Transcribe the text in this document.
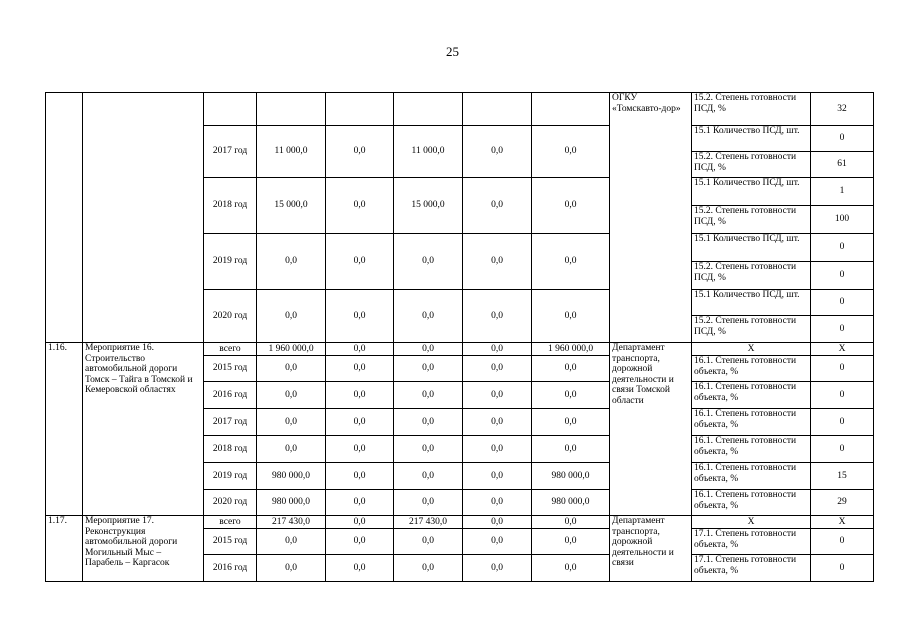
25
								ОГКУ «Томскавто-дор»	15.2. Степень готовности ПСД, %	32
		2017 год	11 000,0	0,0	11 000,0	0,0	0,0		15.1 Количество ПСД, шт.	0
									15.2. Степень готовности ПСД, %	61
		2018 год	15 000,0	0,0	15 000,0	0,0	0,0		15.1 Количество ПСД, шт.	1
									15.2. Степень готовности ПСД, %	100
		2019 год	0,0	0,0	0,0	0,0	0,0		15.1 Количество ПСД, шт.	0
									15.2. Степень готовности ПСД, %	0
		2020 год	0,0	0,0	0,0	0,0	0,0		15.1 Количество ПСД, шт.	0
									15.2. Степень готовности ПСД, %	0
1.16.	Мероприятие 16. Строительство автомобильной дороги Томск – Тайга в Томской и Кемеровской областях	всего	1 960 000,0	0,0	0,0	0,0	1 960 000,0	Департамент транспорта, дорожной деятельности и связи Томской области	Х	Х
		2015 год	0,0	0,0	0,0	0,0	0,0		16.1. Степень готовности объекта, %	0
		2016 год	0,0	0,0	0,0	0,0	0,0		16.1. Степень готовности объекта, %	0
		2017 год	0,0	0,0	0,0	0,0	0,0		16.1. Степень готовности объекта, %	0
		2018 год	0,0	0,0	0,0	0,0	0,0		16.1. Степень готовности объекта, %	0
		2019 год	980 000,0	0,0	0,0	0,0	980 000,0		16.1. Степень готовности объекта, %	15
		2020 год	980 000,0	0,0	0,0	0,0	980 000,0		16.1. Степень готовности объекта, %	29
1.17.	Мероприятие 17. Реконструкция автомобильной дороги Могильный Мыс – Парабель – Каргасок	всего	217 430,0	0,0	217 430,0	0,0	0,0	Департамент транспорта, дорожной деятельности и связи	Х	Х
		2015 год	0,0	0,0	0,0	0,0	0,0		17.1. Степень готовности объекта, %	0
		2016 год	0,0	0,0	0,0	0,0	0,0		17.1. Степень готовности объекта, %	0
